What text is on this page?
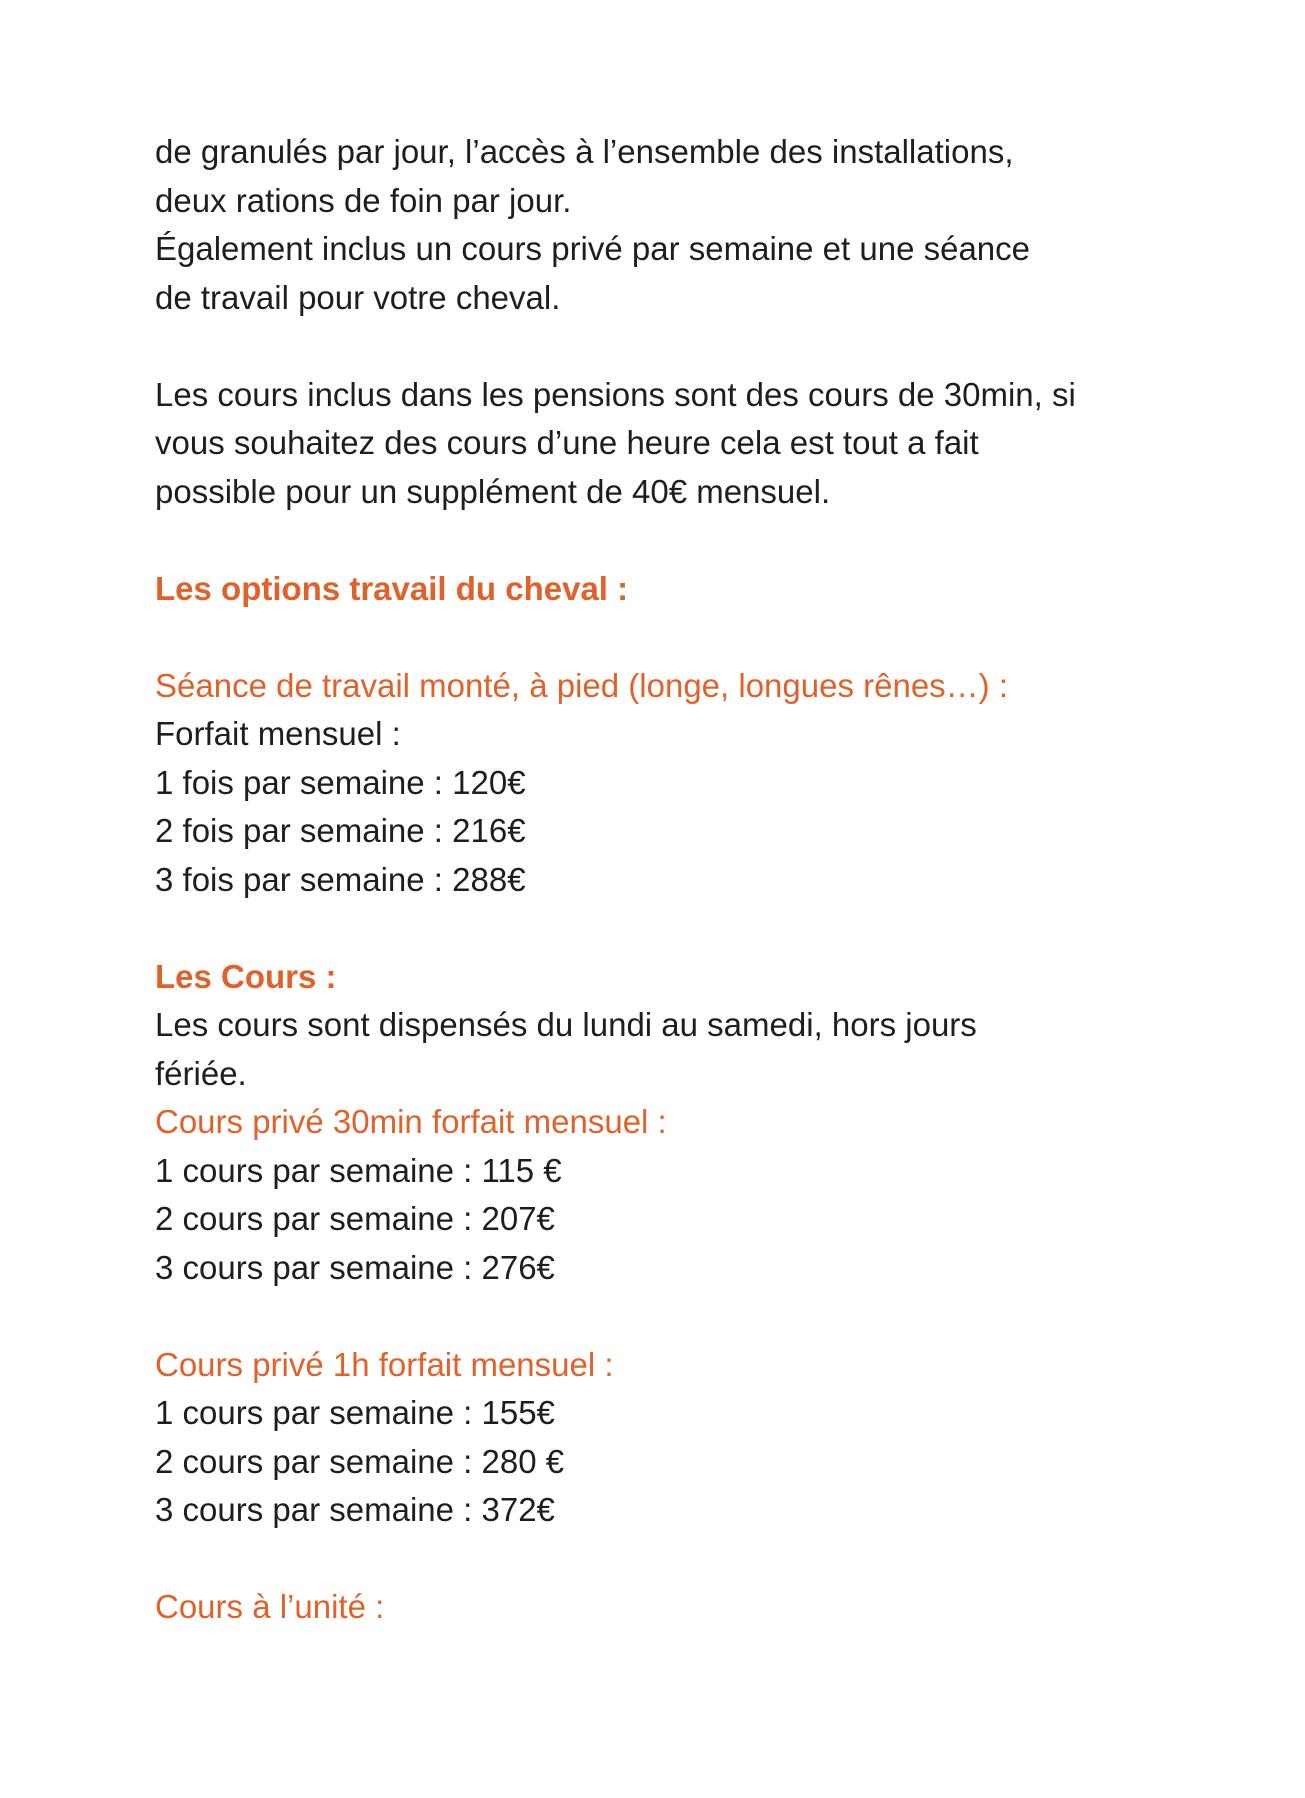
de granulés par jour, l’accès à l’ensemble des installations,
deux rations de foin par jour.
Également inclus un cours privé par semaine et une séance
de travail pour votre cheval.
Les cours inclus dans les pensions sont des cours de 30min, si
vous souhaitez des cours d’une heure cela est tout a fait
possible pour un supplément de 40€ mensuel.
Les options travail du cheval :
Séance de travail monté, à pied (longe, longues rênes…) :
Forfait mensuel :
1 fois par semaine : 120€
2 fois par semaine : 216€
3 fois par semaine : 288€
Les Cours :
Les cours sont dispensés du lundi au samedi, hors jours
fériée.
Cours privé 30min forfait mensuel :
1 cours par semaine : 115 €
2 cours par semaine : 207€
3 cours par semaine : 276€
Cours privé 1h forfait mensuel :
1 cours par semaine : 155€
2 cours par semaine : 280 €
3 cours par semaine : 372€
Cours à l’unité :
